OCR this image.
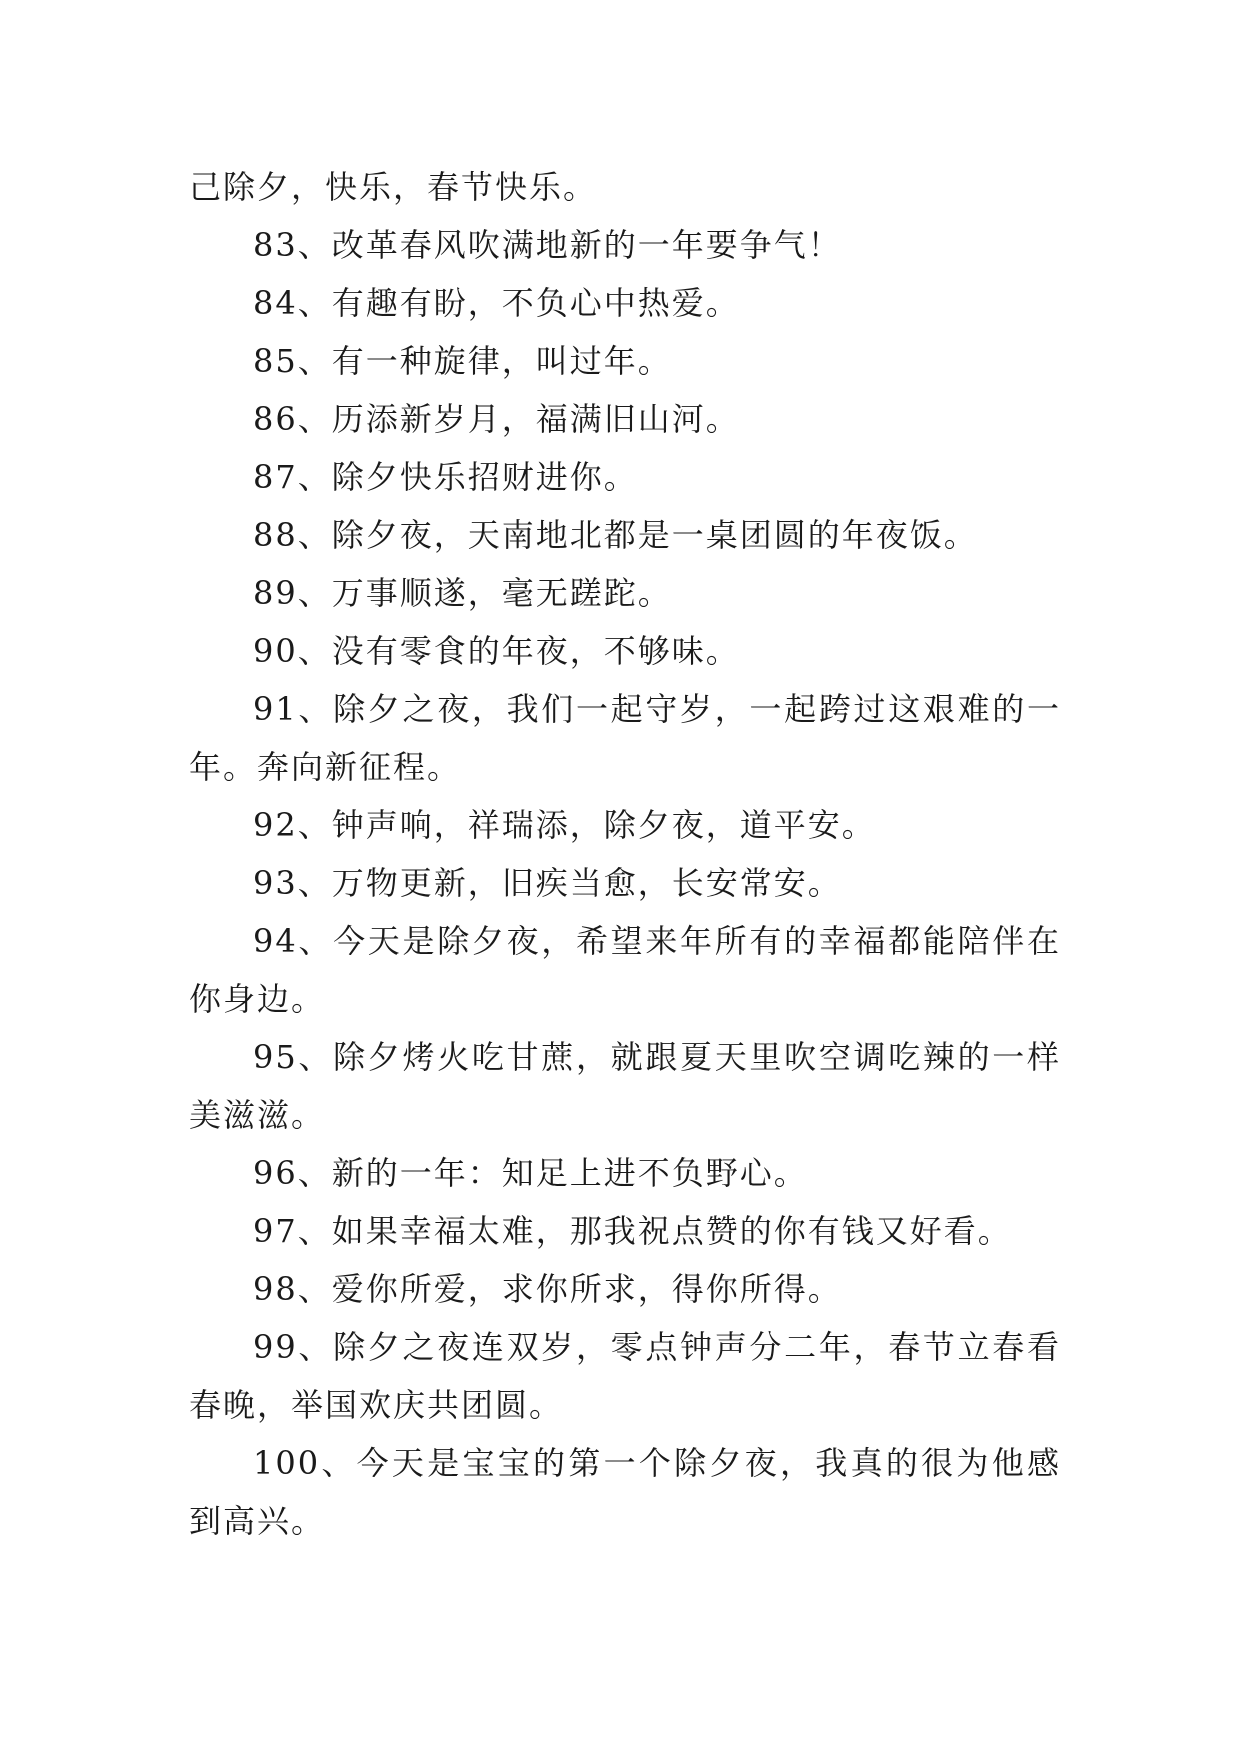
己除夕，快乐，春节快乐。

83、改革春风吹满地新的一年要争气！

84、有趣有盼，不负心中热爱。

85、有一种旋律，叫过年。

86、历添新岁月，福满旧山河。

87、除夕快乐招财进你。

88、除夕夜，天南地北都是一桌团圆的年夜饭。

89、万事顺遂，毫无蹉跎。

90、没有零食的年夜，不够味。

91、除夕之夜，我们一起守岁，一起跨过这艰难的一年。奔向新征程。

92、钟声响，祥瑞添，除夕夜，道平安。

93、万物更新，旧疾当愈，长安常安。

94、今天是除夕夜，希望来年所有的幸福都能陪伴在你身边。

95、除夕烤火吃甘蔗，就跟夏天里吹空调吃辣的一样美滋滋。

96、新的一年：知足上进不负野心。

97、如果幸福太难，那我祝点赞的你有钱又好看。

98、爱你所爱，求你所求，得你所得。

99、除夕之夜连双岁，零点钟声分二年，春节立春看春晚，举国欢庆共团圆。

100、今天是宝宝的第一个除夕夜，我真的很为他感到高兴。
